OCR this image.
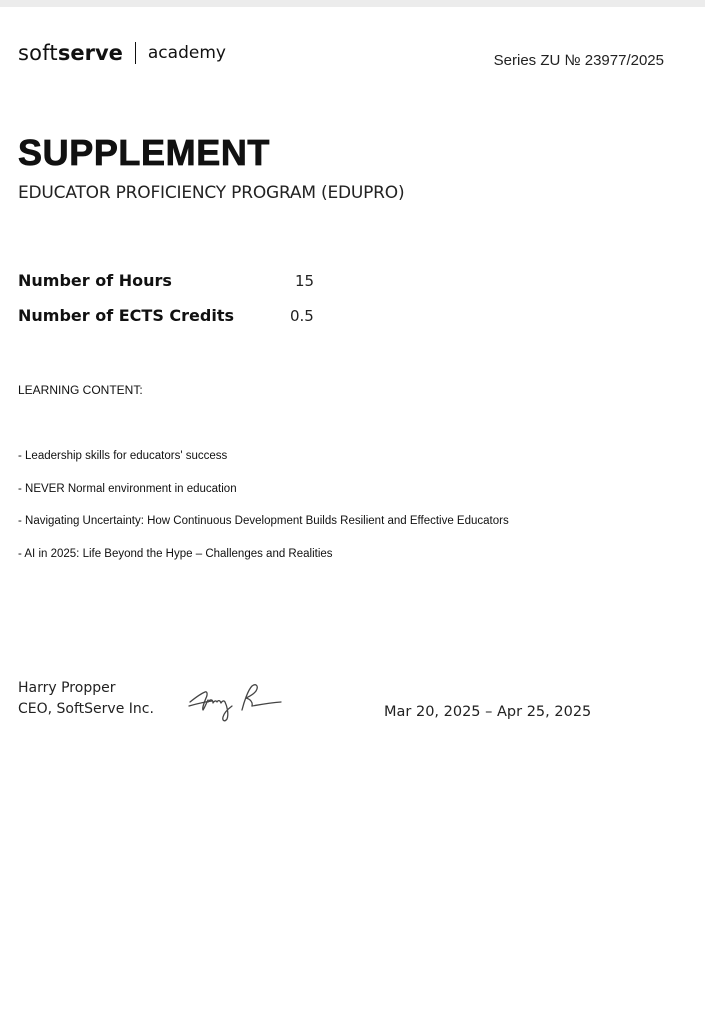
soft serve academy	Series ZU № 23977/2025
SUPPLEMENT
EDUCATOR PROFICIENCY PROGRAM (EDUPRO)
Number of Hours	15
Number of ECTS Credits	0.5
LEARNING CONTENT:
- Leadership skills for educators' success
- NEVER Normal environment in education
- Navigating Uncertainty: How Continuous Development Builds Resilient and Effective Educators
- AI in 2025: Life Beyond the Hype – Challenges and Realities
Harry Propper
CEO, SoftServe Inc.	Mar 20, 2025 – Apr 25, 2025
